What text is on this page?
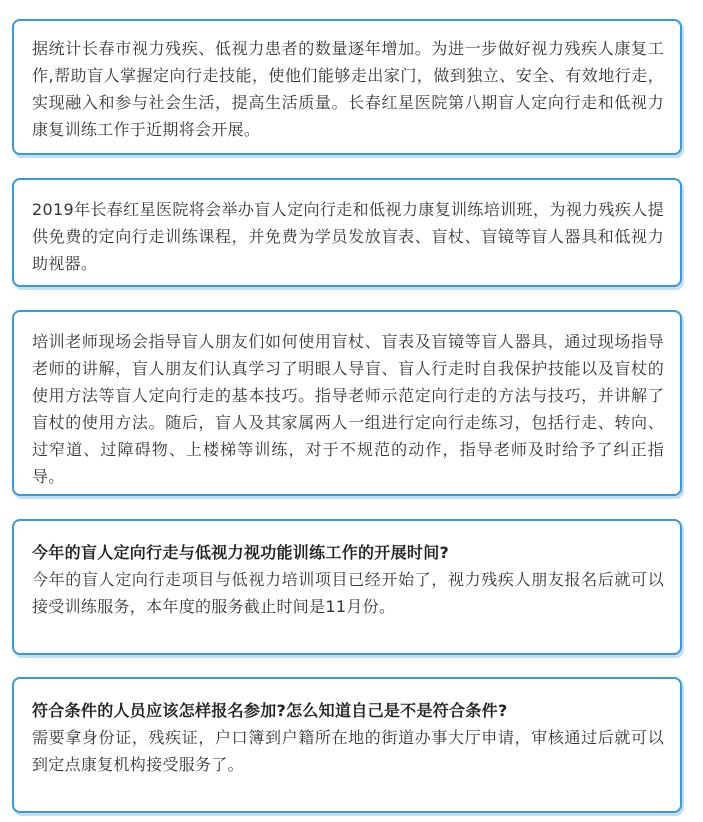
据统计长春市视力残疾、低视力患者的数量逐年增加。为进一步做好视力残疾人康复工作,帮助盲人掌握定向行走技能，使他们能够走出家门，做到独立、安全、有效地行走，实现融入和参与社会生活，提高生活质量。长春红星医院第八期盲人定向行走和低视力康复训练工作于近期将会开展。

2019年长春红星医院将会举办盲人定向行走和低视力康复训练培训班，为视力残疾人提供免费的定向行走训练课程，并免费为学员发放盲表、盲杖、盲镜等盲人器具和低视力助视器。

培训老师现场会指导盲人朋友们如何使用盲杖、盲表及盲镜等盲人器具，通过现场指导老师的讲解，盲人朋友们认真学习了明眼人导盲、盲人行走时自我保护技能以及盲杖的使用方法等盲人定向行走的基本技巧。指导老师示范定向行走的方法与技巧，并讲解了盲杖的使用方法。随后，盲人及其家属两人一组进行定向行走练习，包括行走、转向、过窄道、过障碍物、上楼梯等训练，对于不规范的动作，指导老师及时给予了纠正指导。

今年的盲人定向行走与低视力视功能训练工作的开展时间?

今年的盲人定向行走项目与低视力培训项目已经开始了，视力残疾人朋友报名后就可以接受训练服务，本年度的服务截止时间是11月份。

符合条件的人员应该怎样报名参加?怎么知道自己是不是符合条件?

需要拿身份证，残疾证，户口簿到户籍所在地的街道办事大厅申请，审核通过后就可以到定点康复机构接受服务了。
